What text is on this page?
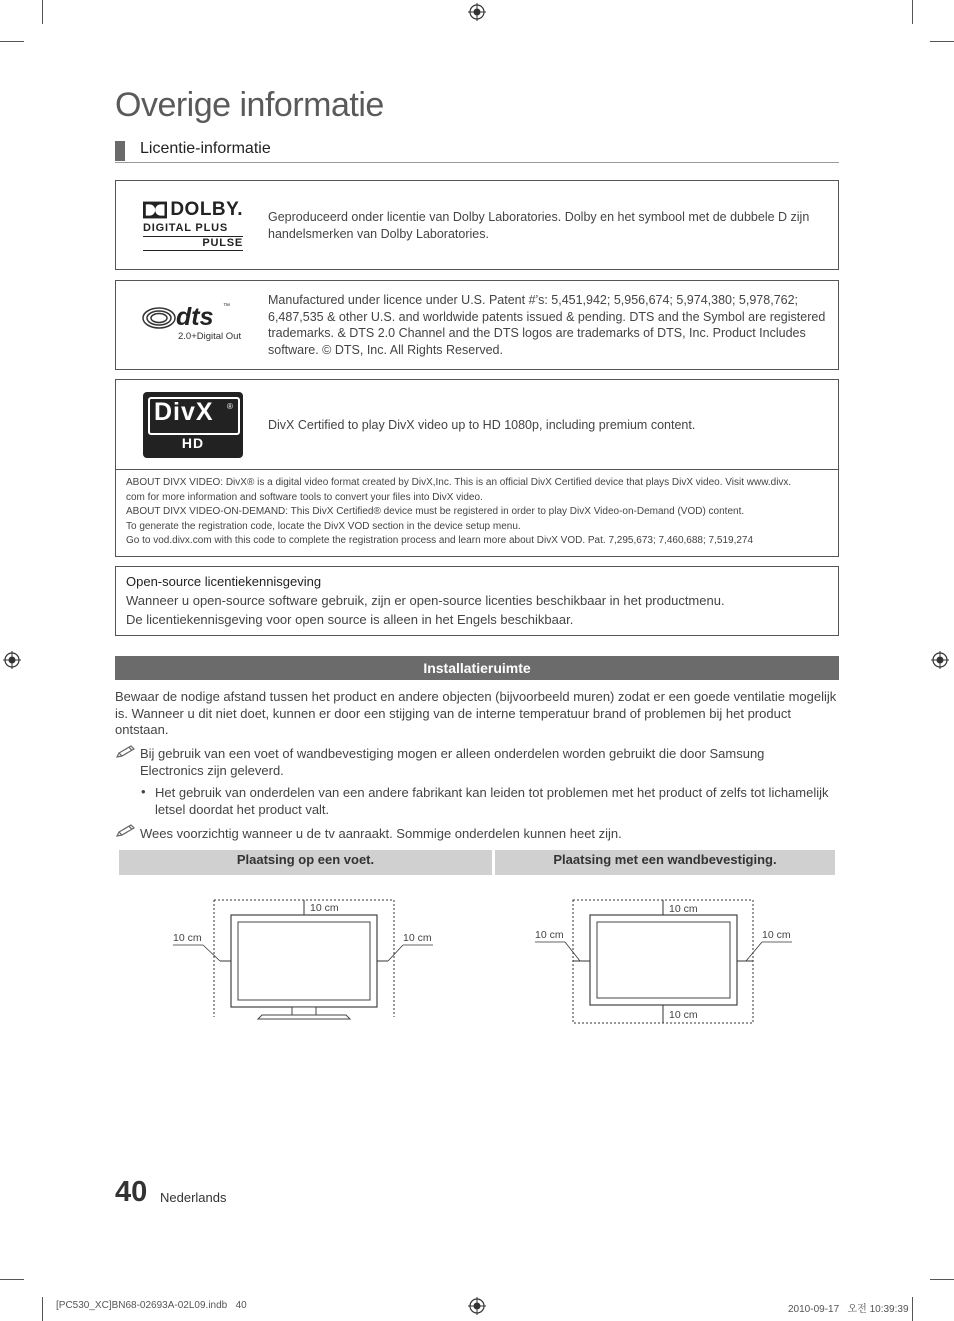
Overige informatie
Licentie-informatie
DOLBY.
DIGITAL PLUS
PULSE
Geproduceerd onder licentie van Dolby Laboratories. Dolby en het symbool met de dubbele D zijn handelsmerken van Dolby Laboratories.
dts ™
2.0+Digital Out
Manufactured under licence under U.S. Patent #’s: 5,451,942; 5,956,674; 5,974,380; 5,978,762; 6,487,535 & other U.S. and worldwide patents issued & pending. DTS and the Symbol are registered trademarks. & DTS 2.0 Channel and the DTS logos are trademarks of DTS, Inc. Product Includes software. © DTS, Inc. All Rights Reserved.
DivX ®
HD
DivX Certified to play DivX video up to HD 1080p, including premium content.
ABOUT DIVX VIDEO: DivX® is a digital video format created by DivX,Inc. This is an official DivX Certified device that plays DivX video. Visit www.divx.
com for more information and software tools to convert your files into DivX video.
ABOUT DIVX VIDEO-ON-DEMAND: This DivX Certified® device must be registered in order to play DivX Video-on-Demand (VOD) content.
To generate the registration code, locate the DivX VOD section in the device setup menu.
Go to vod.divx.com with this code to complete the registration process and learn more about DivX VOD. Pat. 7,295,673; 7,460,688; 7,519,274
Open-source licentiekennisgeving
Wanneer u open-source software gebruik, zijn er open-source licenties beschikbaar in het productmenu.
De licentiekennisgeving voor open source is alleen in het Engels beschikbaar.
Installatieruimte
Bewaar de nodige afstand tussen het product en andere objecten (bijvoorbeeld muren) zodat er een goede ventilatie mogelijk is. Wanneer u dit niet doet, kunnen er door een stijging van de interne temperatuur brand of problemen bij het product ontstaan.
Bij gebruik van een voet of wandbevestiging mogen er alleen onderdelen worden gebruikt die door Samsung Electronics zijn geleverd.
• Het gebruik van onderdelen van een andere fabrikant kan leiden tot problemen met het product of zelfs tot lichamelijk letsel doordat het product valt.
Wees voorzichtig wanneer u de tv aanraakt. Sommige onderdelen kunnen heet zijn.
Plaatsing op een voet.	Plaatsing met een wandbevestiging.
10 cm
10 cm	10 cm
10 cm
10 cm	10 cm
10 cm
40 Nederlands
[PC530_XC]BN68-02693A-02L09.indb   40	2010-09-17   오전 10:39:39
